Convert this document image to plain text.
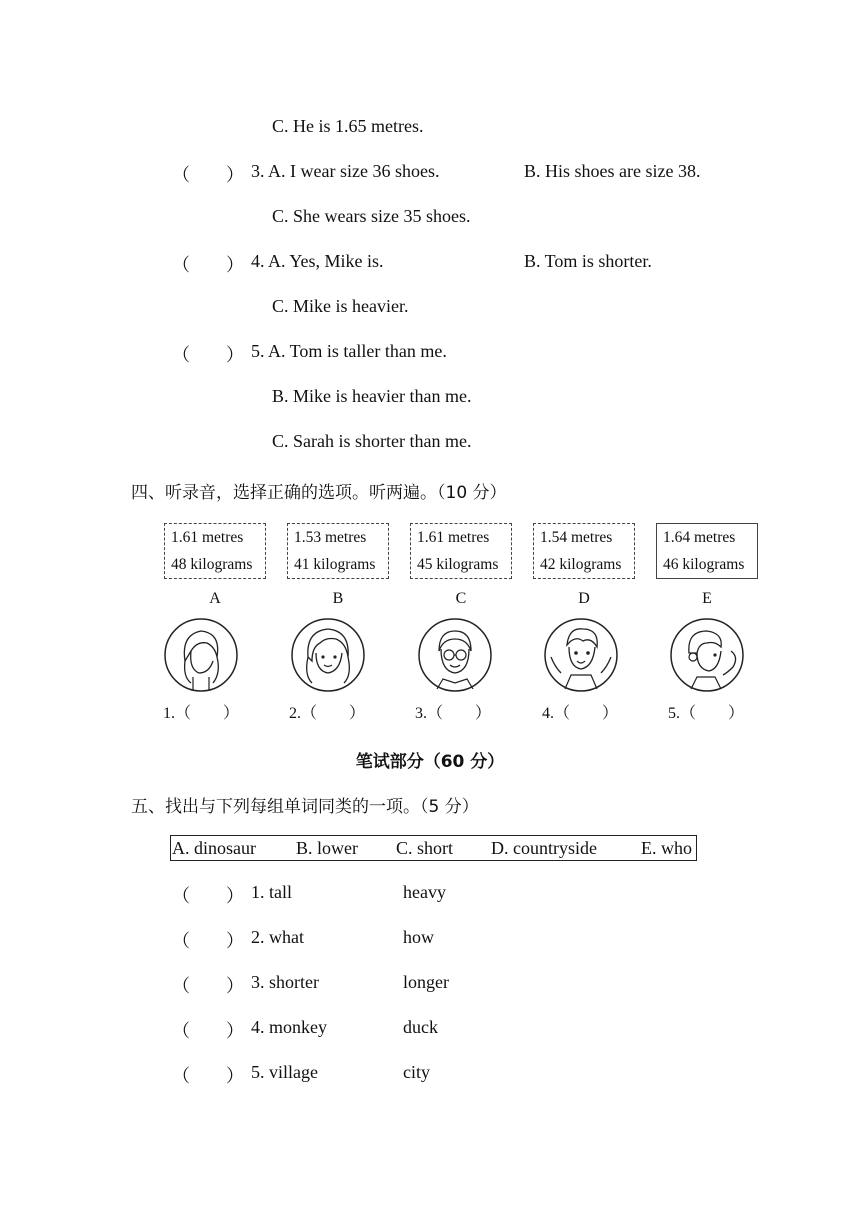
C. He is 1.65 metres.
（　　） 3. A. I wear size 36 shoes.	B. His shoes are size 38.
C. She wears size 35 shoes.
（　　） 4. A. Yes, Mike is.	B. Tom is shorter.
C. Mike is heavier.
（　　） 5. A. Tom is taller than me.
B. Mike is heavier than me.
C. Sarah is shorter than me.
四、听录音，选择正确的选项。听两遍。（10 分）
1.61 metres
48 kilograms
1.53 metres
41 kilograms
1.61 metres
45 kilograms
1.54 metres
42 kilograms
1.64 metres
46 kilograms
A	B	C	D	E
1.（　　）	2.（　　）	3.（　　）	4.（　　）	5.（　　）
笔试部分（60 分）
五、找出与下列每组单词同类的一项。（5 分）
A. dinosaur B. lower C. short D. countryside E. who
（　　） 1. tall	heavy
（　　） 2. what	how
（　　） 3. shorter	longer
（　　） 4. monkey	duck
（　　） 5. village	city
